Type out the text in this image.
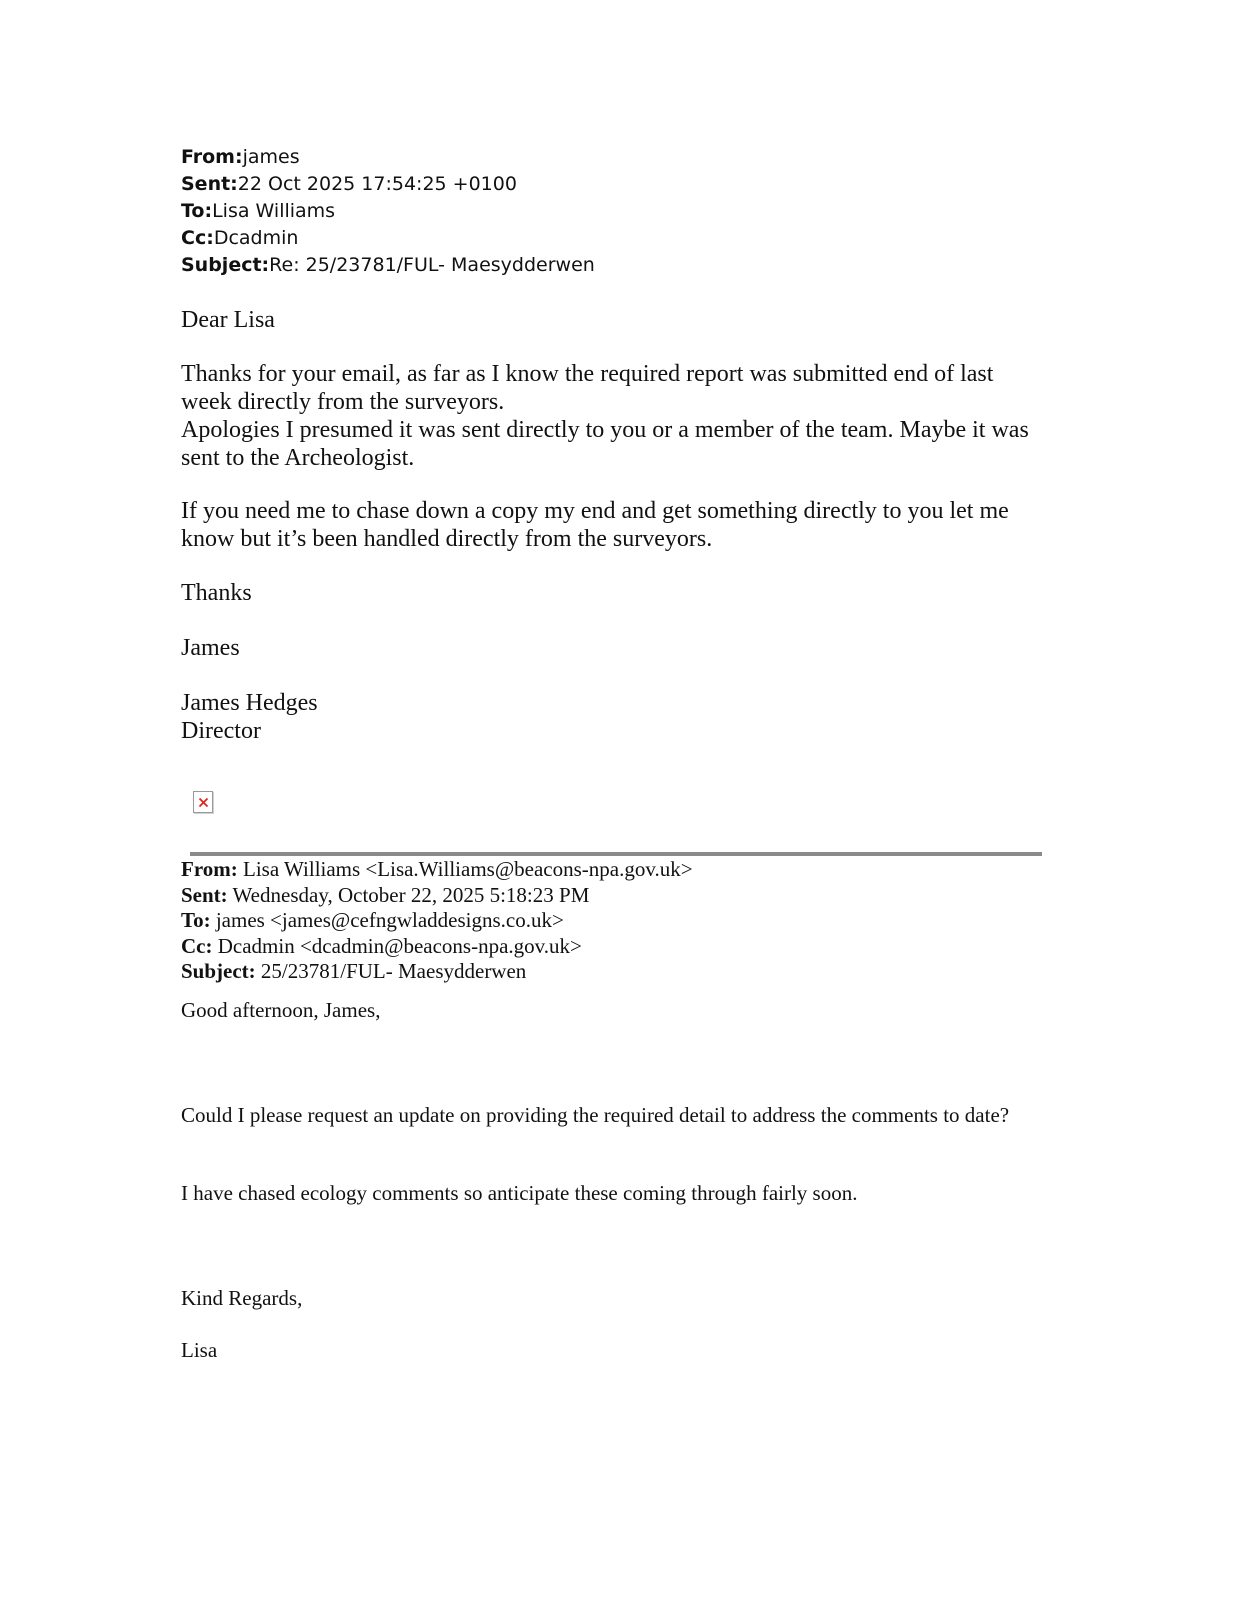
From:james
Sent:22 Oct 2025 17:54:25 +0100
To:Lisa Williams
Cc:Dcadmin
Subject:Re: 25/23781/FUL- Maesydderwen

Dear Lisa

Thanks for your email, as far as I know the required report was submitted end of last week directly from the surveyors.

Apologies I presumed it was sent directly to you or a member of the team. Maybe it was sent to the Archeologist.

If you need me to chase down a copy my end and get something directly to you let me know but it’s been handled directly from the surveyors.

Thanks

James

James Hedges

Director

From: Lisa Williams <Lisa.Williams@beacons-npa.gov.uk>
Sent: Wednesday, October 22, 2025 5:18:23 PM
To: james <james@cefngwladdesigns.co.uk>
Cc: Dcadmin <dcadmin@beacons-npa.gov.uk>
Subject: 25/23781/FUL- Maesydderwen

Good afternoon, James,

Could I please request an update on providing the required detail to address the comments to date?

I have chased ecology comments so anticipate these coming through fairly soon.

Kind Regards,

Lisa
